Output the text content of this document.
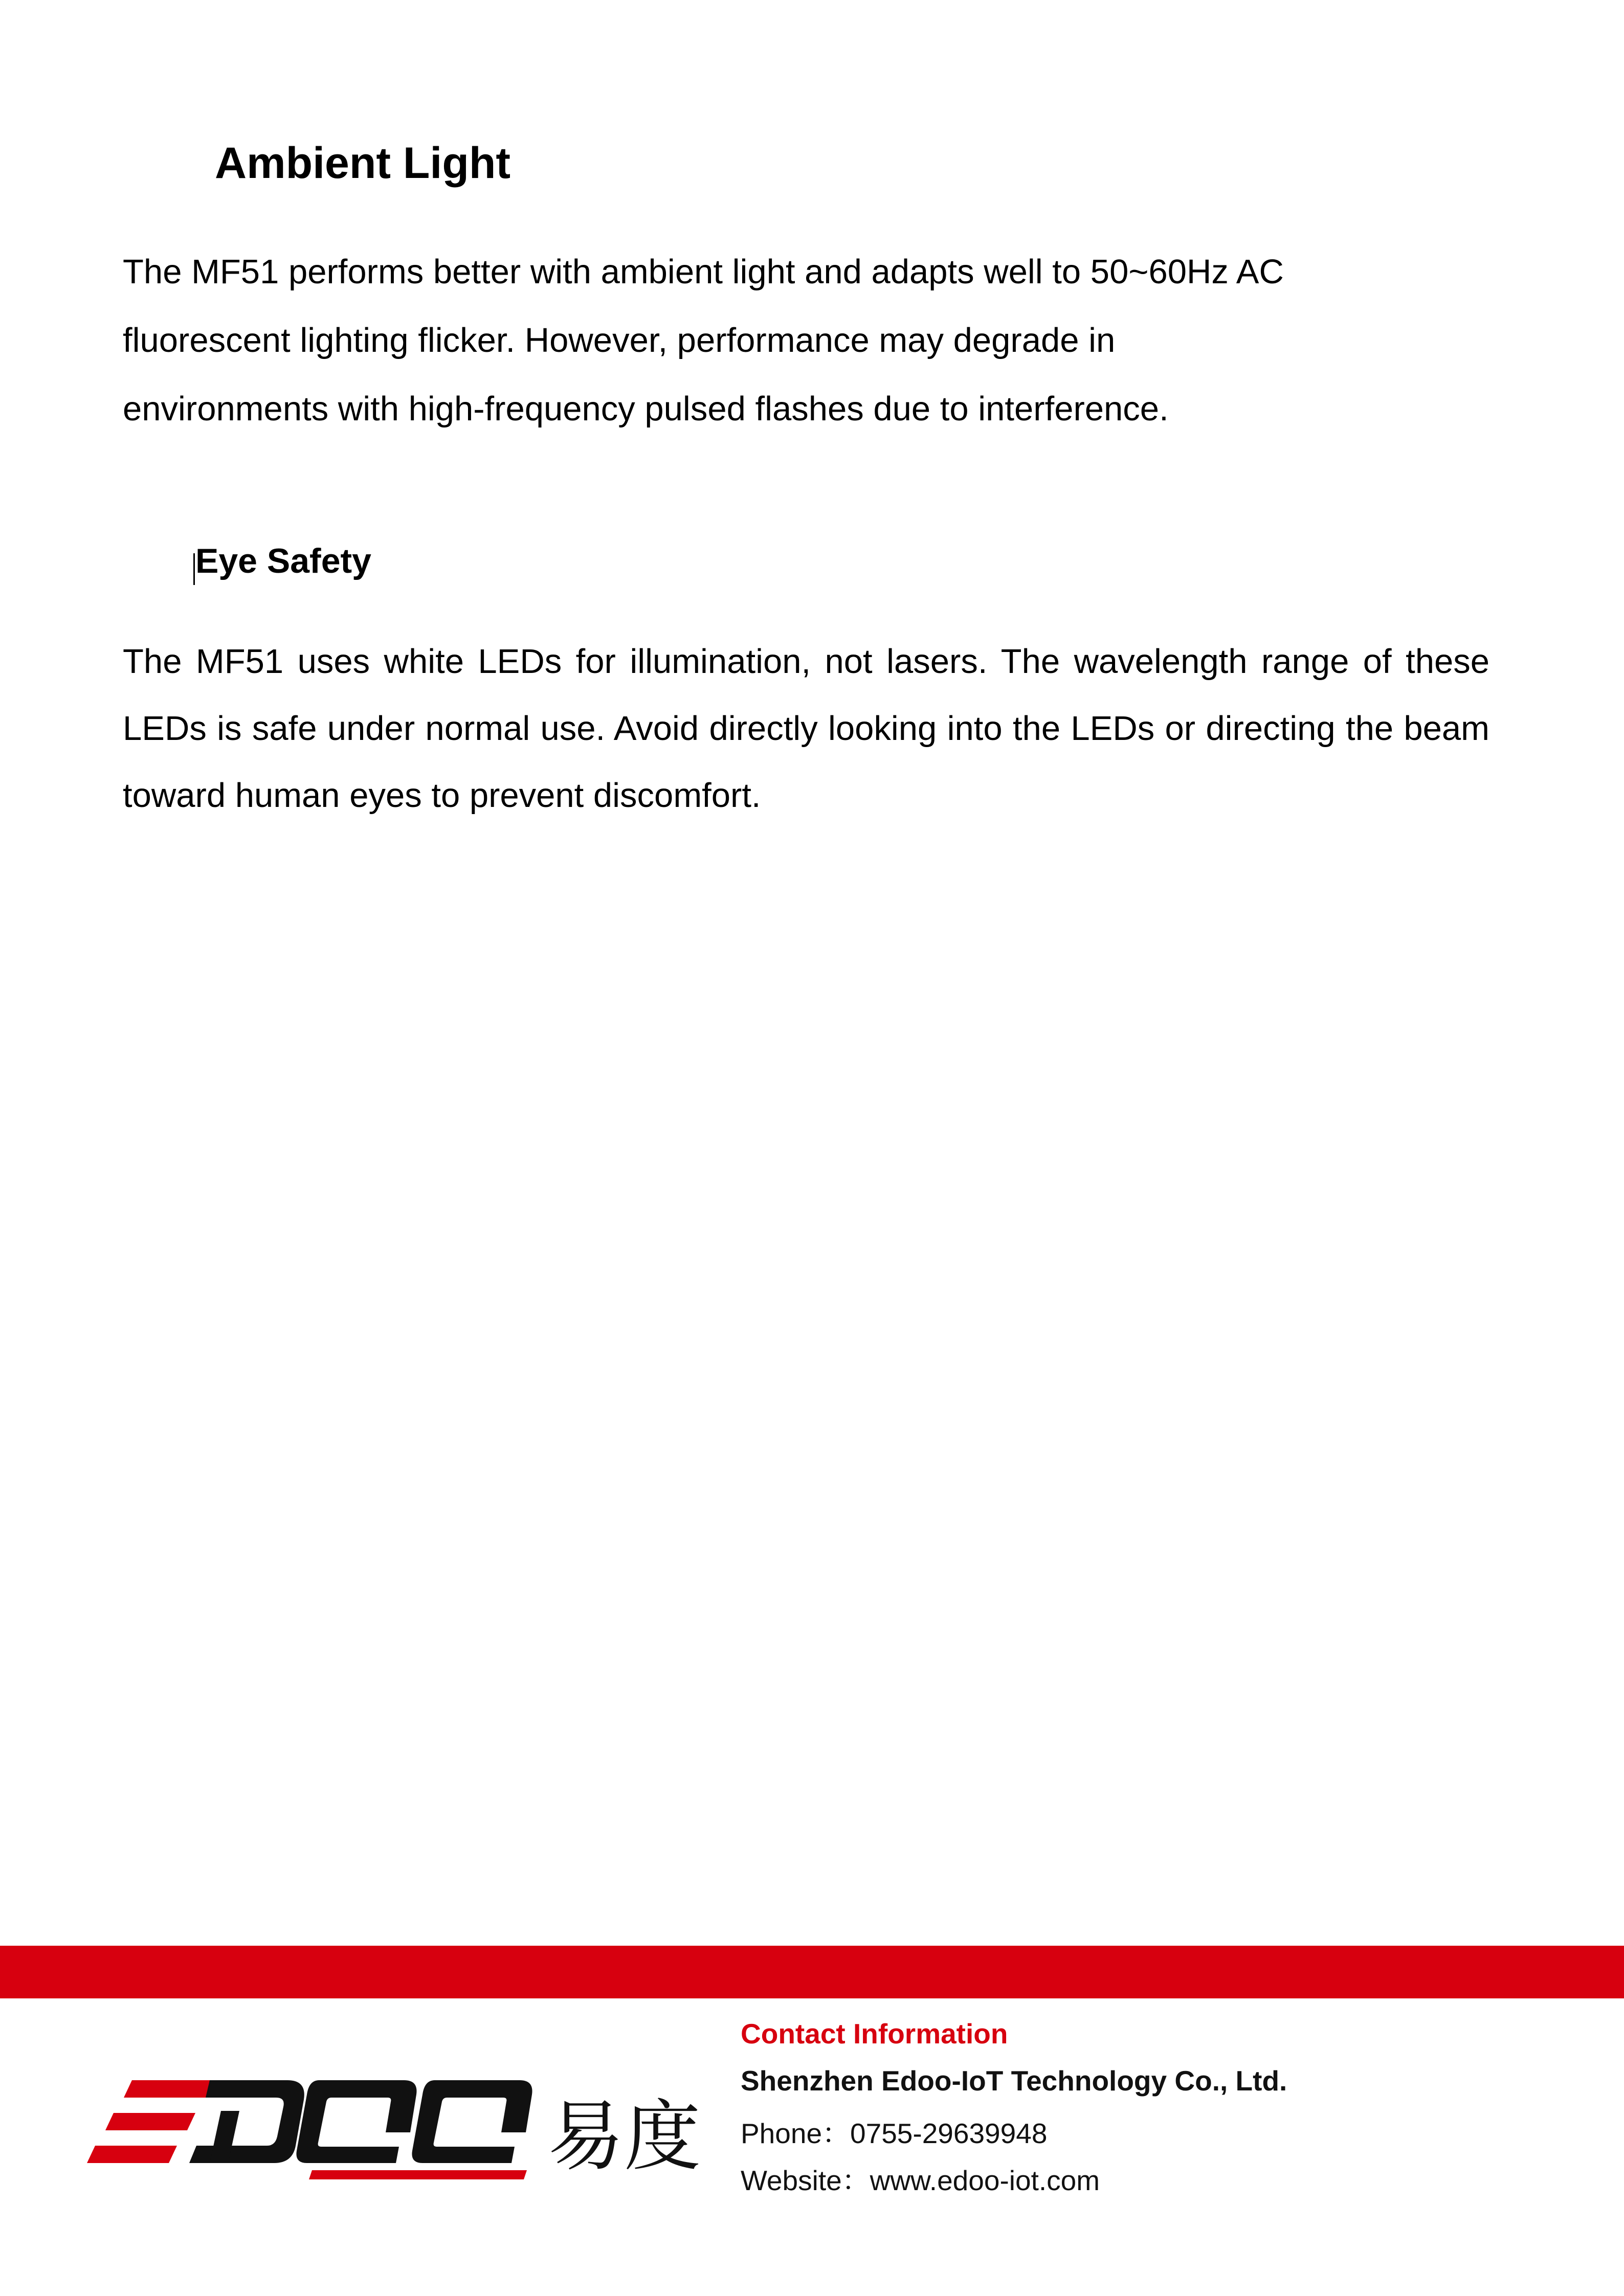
Ambient Light

The MF51 performs better with ambient light and adapts well to 50~60Hz AC
fluorescent lighting flicker. However, performance may degrade in
environments with high-frequency pulsed flashes due to interference.

Eye Safety

The MF51 uses white LEDs for illumination, not lasers. The wavelength range of these LEDs is safe under normal use. Avoid directly looking into the LEDs or directing the beam toward human eyes to prevent discomfort.

易度
Contact Information
Shenzhen Edoo-IoT Technology Co., Ltd.
Phone：0755-29639948
Website：www.edoo-iot.com
